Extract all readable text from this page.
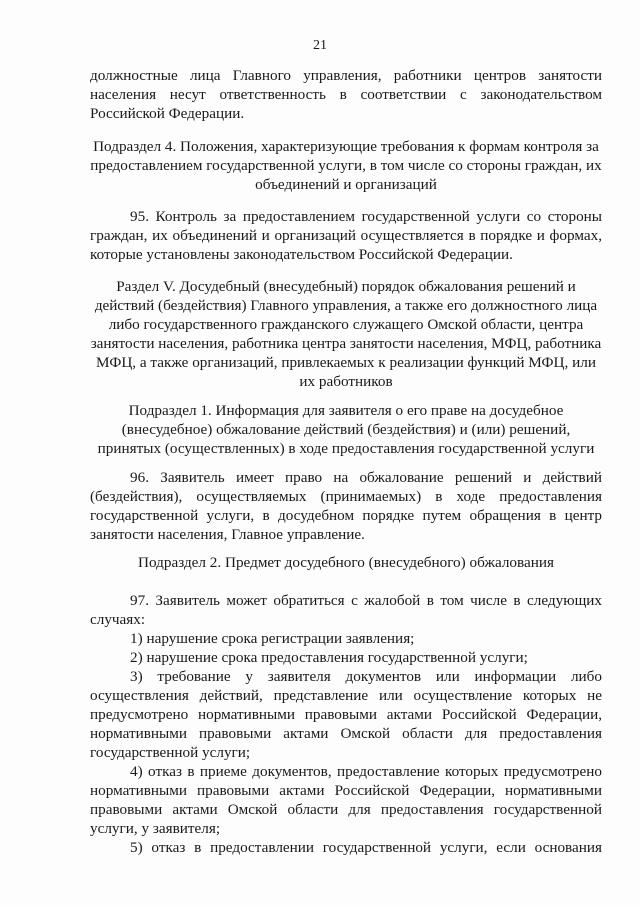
21

должностные лица Главного управления, работники центров занятости населения несут ответственность в соответствии с законодательством Российской Федерации.

Подраздел 4. Положения, характеризующие требования к формам контроля за предоставлением государственной услуги, в том числе со стороны граждан, их объединений и организаций

95. Контроль за предоставлением государственной услуги со стороны граждан, их объединений и организаций осуществляется в порядке и формах, которые установлены законодательством Российской Федерации.

Раздел V. Досудебный (внесудебный) порядок обжалования решений и действий (бездействия) Главного управления, а также его должностного лица либо государственного гражданского служащего Омской области, центра занятости населения, работника центра занятости населения, МФЦ, работника МФЦ, а также организаций, привлекаемых к реализации функций МФЦ, или их работников

Подраздел 1. Информация для заявителя о его праве на досудебное (внесудебное) обжалование действий (бездействия) и (или) решений, принятых (осуществленных) в ходе предоставления государственной услуги

96. Заявитель имеет право на обжалование решений и действий (бездействия), осуществляемых (принимаемых) в ходе предоставления государственной услуги, в досудебном порядке путем обращения в центр занятости населения, Главное управление.

Подраздел 2. Предмет досудебного (внесудебного) обжалования

97. Заявитель может обратиться с жалобой в том числе в следующих случаях:

1) нарушение срока регистрации заявления;

2) нарушение срока предоставления государственной услуги;

3) требование у заявителя документов или информации либо осуществления действий, представление или осуществление которых не предусмотрено нормативными правовыми актами Российской Федерации, нормативными правовыми актами Омской области для предоставления государственной услуги;

4) отказ в приеме документов, предоставление которых предусмотрено нормативными правовыми актами Российской Федерации, нормативными правовыми актами Омской области для предоставления государственной услуги, у заявителя;

5) отказ в предоставлении государственной услуги, если основания
